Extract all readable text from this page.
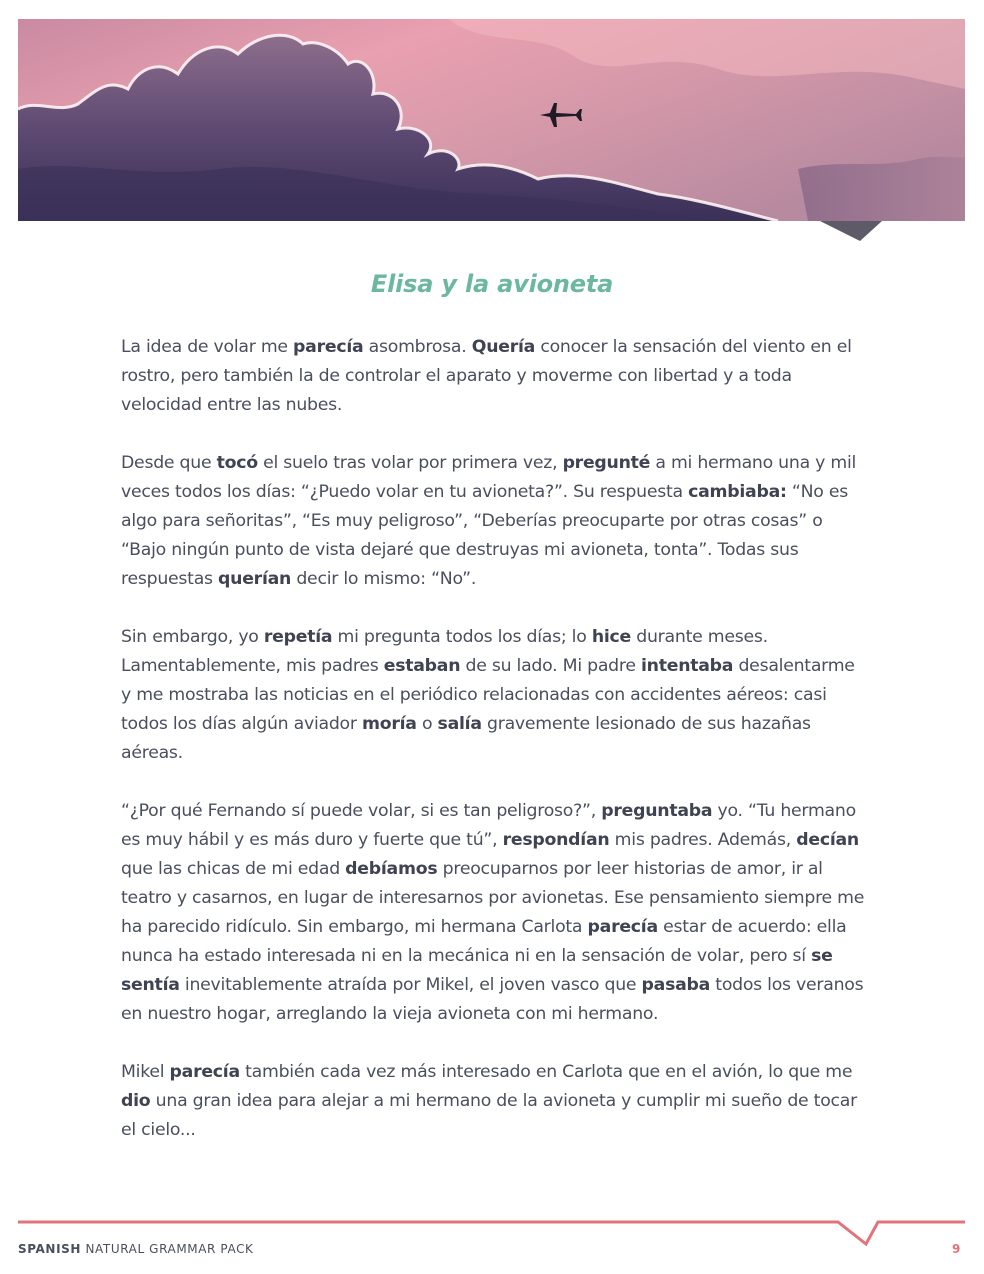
Elisa y la avioneta

La idea de volar me parecía asombrosa. Quería conocer la sensación del viento en el rostro, pero también la de controlar el aparato y moverme con libertad y a toda velocidad entre las nubes.

Desde que tocó el suelo tras volar por primera vez, pregunté a mi hermano una y mil veces todos los días: “¿Puedo volar en tu avioneta?”. Su respuesta cambiaba: “No es algo para señoritas”, “Es muy peligroso”, “Deberías preocuparte por otras cosas” o “Bajo ningún punto de vista dejaré que destruyas mi avioneta, tonta”. Todas sus respuestas querían decir lo mismo: “No”.

Sin embargo, yo repetía mi pregunta todos los días; lo hice durante meses. Lamentablemente, mis padres estaban de su lado. Mi padre intentaba desalentarme y me mostraba las noticias en el periódico relacionadas con accidentes aéreos: casi todos los días algún aviador moría o salía gravemente lesionado de sus hazañas aéreas.

“¿Por qué Fernando sí puede volar, si es tan peligroso?”, preguntaba yo. “Tu hermano es muy hábil y es más duro y fuerte que tú”, respondían mis padres. Además, decían que las chicas de mi edad debíamos preocuparnos por leer historias de amor, ir al teatro y casarnos, en lugar de interesarnos por avionetas. Ese pensamiento siempre me ha parecido ridículo. Sin embargo, mi hermana Carlota parecía estar de acuerdo: ella nunca ha estado interesada ni en la mecánica ni en la sensación de volar, pero sí se sentía inevitablemente atraída por Mikel, el joven vasco que pasaba todos los veranos en nuestro hogar, arreglando la vieja avioneta con mi hermano.

Mikel parecía también cada vez más interesado en Carlota que en el avión, lo que me dio una gran idea para alejar a mi hermano de la avioneta y cumplir mi sueño de tocar el cielo...

SPANISH NATURAL GRAMMAR PACK	9
